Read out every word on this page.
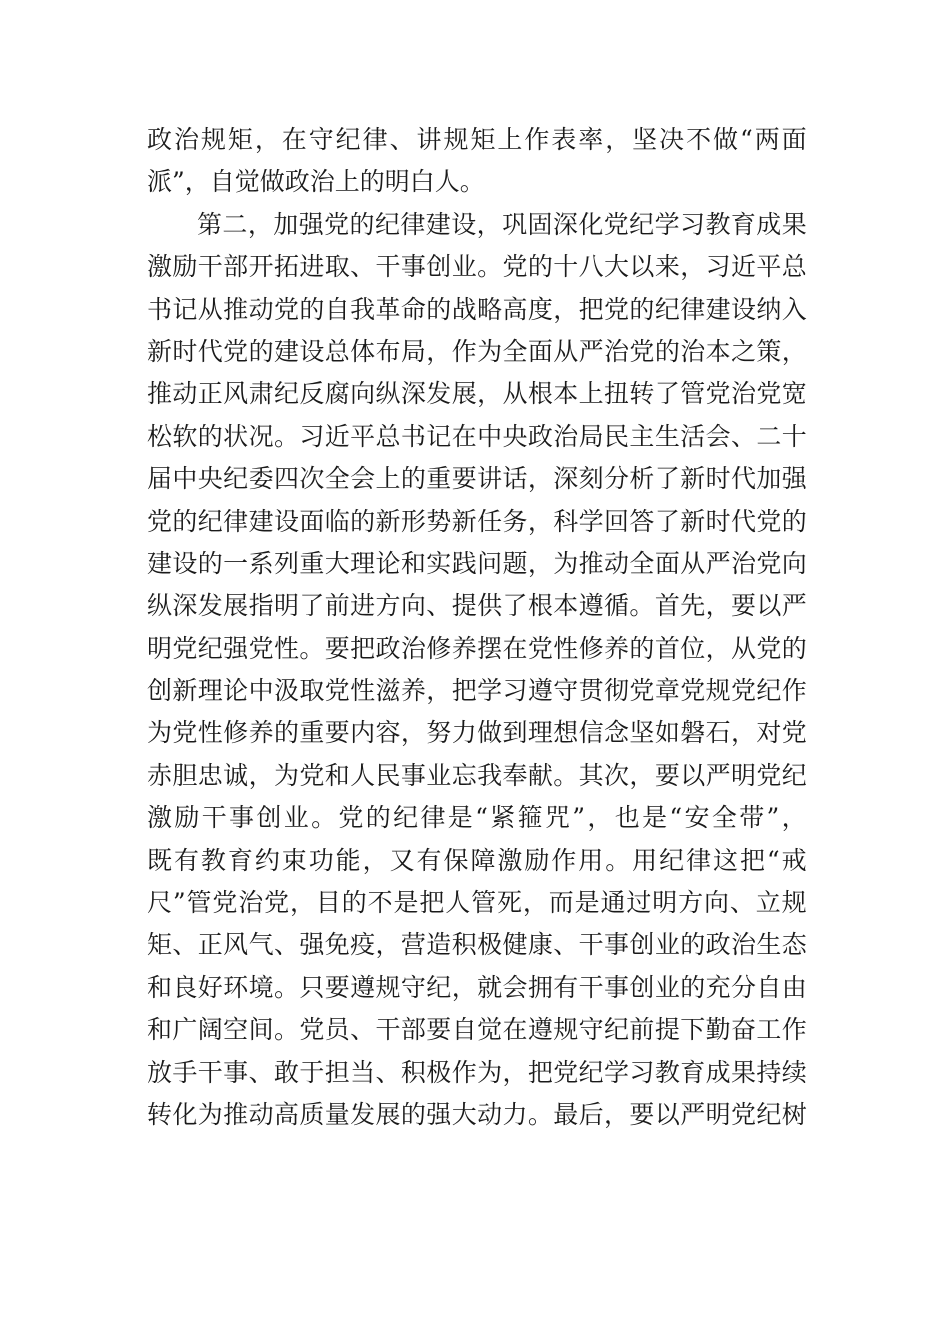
政 治 规 矩 ， 在 守 纪 律 、 讲 规 矩 上 作 表 率 ， 坚 决 不 做 “ 两 面
派”，自觉做政治上的明白人。
第 二 ， 加 强 党 的 纪 律 建 设 ， 巩 固 深 化 党 纪 学 习 教 育 成 果
激 励 干 部 开 拓 进 取 、 干 事 创 业 。 党 的 十 八 大 以 来 ， 习 近 平 总
书 记 从 推 动 党 的 自 我 革 命 的 战 略 高 度 ， 把 党 的 纪 律 建 设 纳 入
新 时 代 党 的 建 设 总 体 布 局 ， 作 为 全 面 从 严 治 党 的 治 本 之 策 ，
推 动 正 风 肃 纪 反 腐 向 纵 深 发 展 ， 从 根 本 上 扭 转 了 管 党 治 党 宽
松 软 的 状 况 。 习 近 平 总 书 记 在 中 央 政 治 局 民 主 生 活 会 、 二 十
届 中 央 纪 委 四 次 全 会 上 的 重 要 讲 话 ， 深 刻 分 析 了 新 时 代 加 强
党 的 纪 律 建 设 面 临 的 新 形 势 新 任 务 ， 科 学 回 答 了 新 时 代 党 的
建 设 的 一 系 列 重 大 理 论 和 实 践 问 题 ， 为 推 动 全 面 从 严 治 党 向
纵 深 发 展 指 明 了 前 进 方 向 、 提 供 了 根 本 遵 循 。 首 先 ， 要 以 严
明 党 纪 强 党 性 。 要 把 政 治 修 养 摆 在 党 性 修 养 的 首 位 ， 从 党 的
创 新 理 论 中 汲 取 党 性 滋 养 ， 把 学 习 遵 守 贯 彻 党 章 党 规 党 纪 作
为 党 性 修 养 的 重 要 内 容 ， 努 力 做 到 理 想 信 念 坚 如 磐 石 ， 对 党
赤 胆 忠 诚 ， 为 党 和 人 民 事 业 忘 我 奉 献 。 其 次 ， 要 以 严 明 党 纪
激 励 干 事 创 业 。 党 的 纪 律 是 “ 紧 箍 咒 ” ， 也 是 “ 安 全 带 ” ，
既 有 教 育 约 束 功 能 ， 又 有 保 障 激 励 作 用 。 用 纪 律 这 把 “ 戒
尺 ” 管 党 治 党 ， 目 的 不 是 把 人 管 死 ， 而 是 通 过 明 方 向 、 立 规
矩 、 正 风 气 、 强 免 疫 ， 营 造 积 极 健 康 、 干 事 创 业 的 政 治 生 态
和 良 好 环 境 。 只 要 遵 规 守 纪 ， 就 会 拥 有 干 事 创 业 的 充 分 自 由
和 广 阔 空 间 。 党 员 、 干 部 要 自 觉 在 遵 规 守 纪 前 提 下 勤 奋 工 作
放 手 干 事 、 敢 于 担 当 、 积 极 作 为 ， 把 党 纪 学 习 教 育 成 果 持 续
转 化 为 推 动 高 质 量 发 展 的 强 大 动 力 。 最 后 ， 要 以 严 明 党 纪 树
